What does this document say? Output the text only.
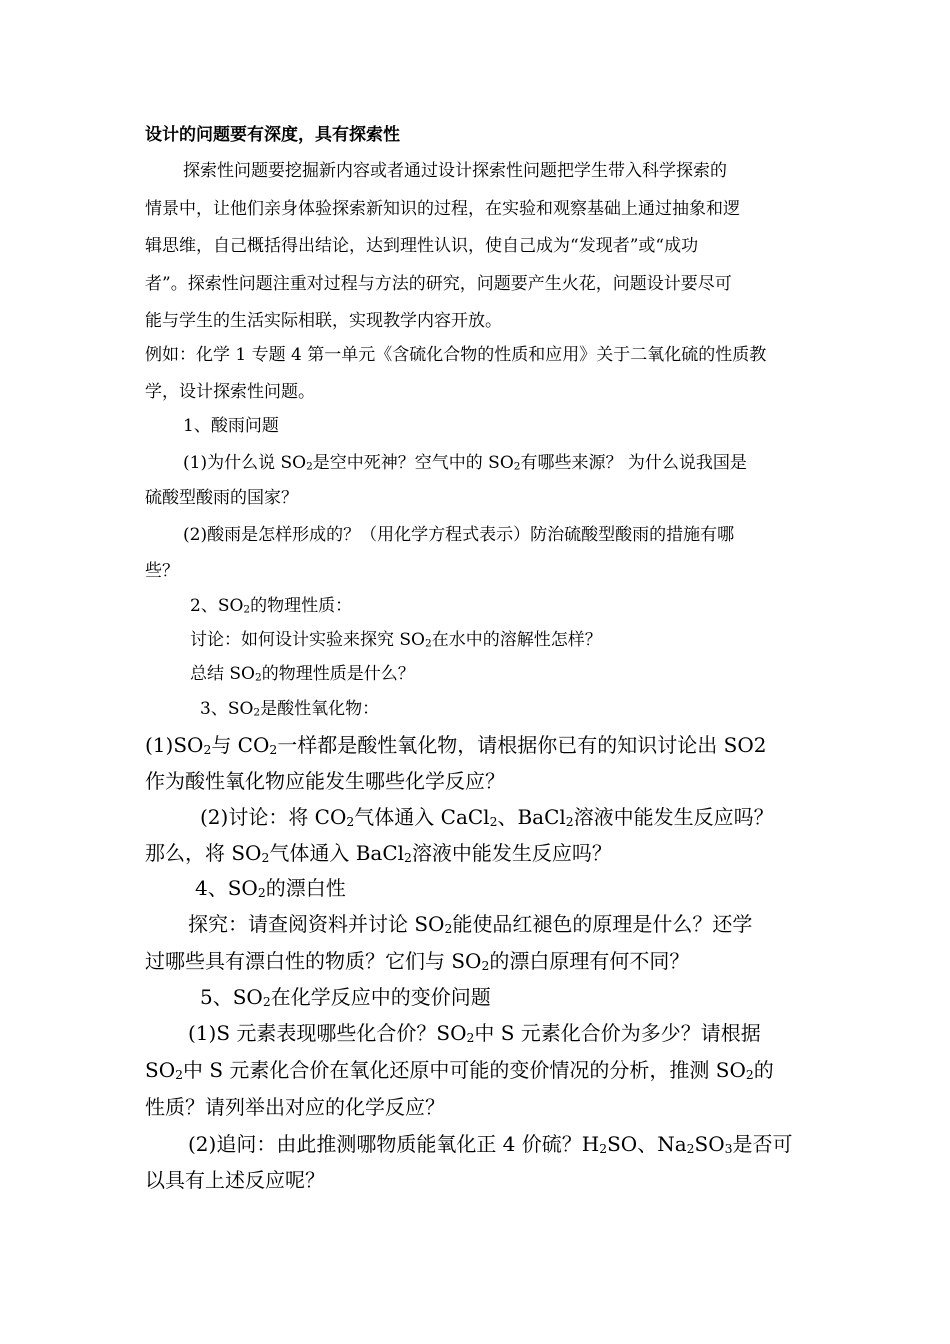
设计的问题要有深度，具有探索性
探索性问题要挖掘新内容或者通过设计探索性问题把学生带入科学探索的
情景中，让他们亲身体验探索新知识的过程，在实验和观察基础上通过抽象和逻
辑思维，自己概括得出结论，达到理性认识，使自己成为“发现者”或“成功
者”。探索性问题注重对过程与方法的研究，问题要产生火花，问题设计要尽可
能与学生的生活实际相联，实现教学内容开放。
例如：化学 1 专题 4 第一单元《含硫化合物的性质和应用》关于二氧化硫的性质教
学，设计探索性问题。
1、酸雨问题
(1)为什么说 $SO_2$是空中死神？空气中的 $SO_2$有哪些来源？ 为什么说我国是
硫酸型酸雨的国家？
(2)酸雨是怎样形成的？（用化学方程式表示）防治硫酸型酸雨的措施有哪
些？
2、$SO_2$的物理性质：
讨论：如何设计实验来探究 $SO_2$在水中的溶解性怎样？
总结 $SO_2$的物理性质是什么？
3、$SO_2$是酸性氧化物：
$(1)SO_2$与 $CO_2$一样都是酸性氧化物，请根据你已有的知识讨论出 SO2
作为酸性氧化物应能发生哪些化学反应？
(2)讨论：将 $CO_2$气体通入 CaCl$_2$、BaCl$_2$溶液中能发生反应吗？
那么，将 $SO_2$气体通入 BaCl$_2$溶液中能发生反应吗？
4、$SO_2$的漂白性
探究：请查阅资料并讨论 $SO_2$能使品红褪色的原理是什么？还学
过哪些具有漂白性的物质？它们与 $SO_2$的漂白原理有何不同？
5、$SO_2$在化学反应中的变价问题
(1)S 元素表现哪些化合价？$SO_2$中 S 元素化合价为多少？请根据
$SO_2$中 S 元素化合价在氧化还原中可能的变价情况的分析，推测 $SO_2$的
性质？请列举出对应的化学反应？
(2)追问：由此推测哪物质能氧化正 4 价硫？$H_2SO$、$Na_2SO_3$是否可
以具有上述反应呢？
